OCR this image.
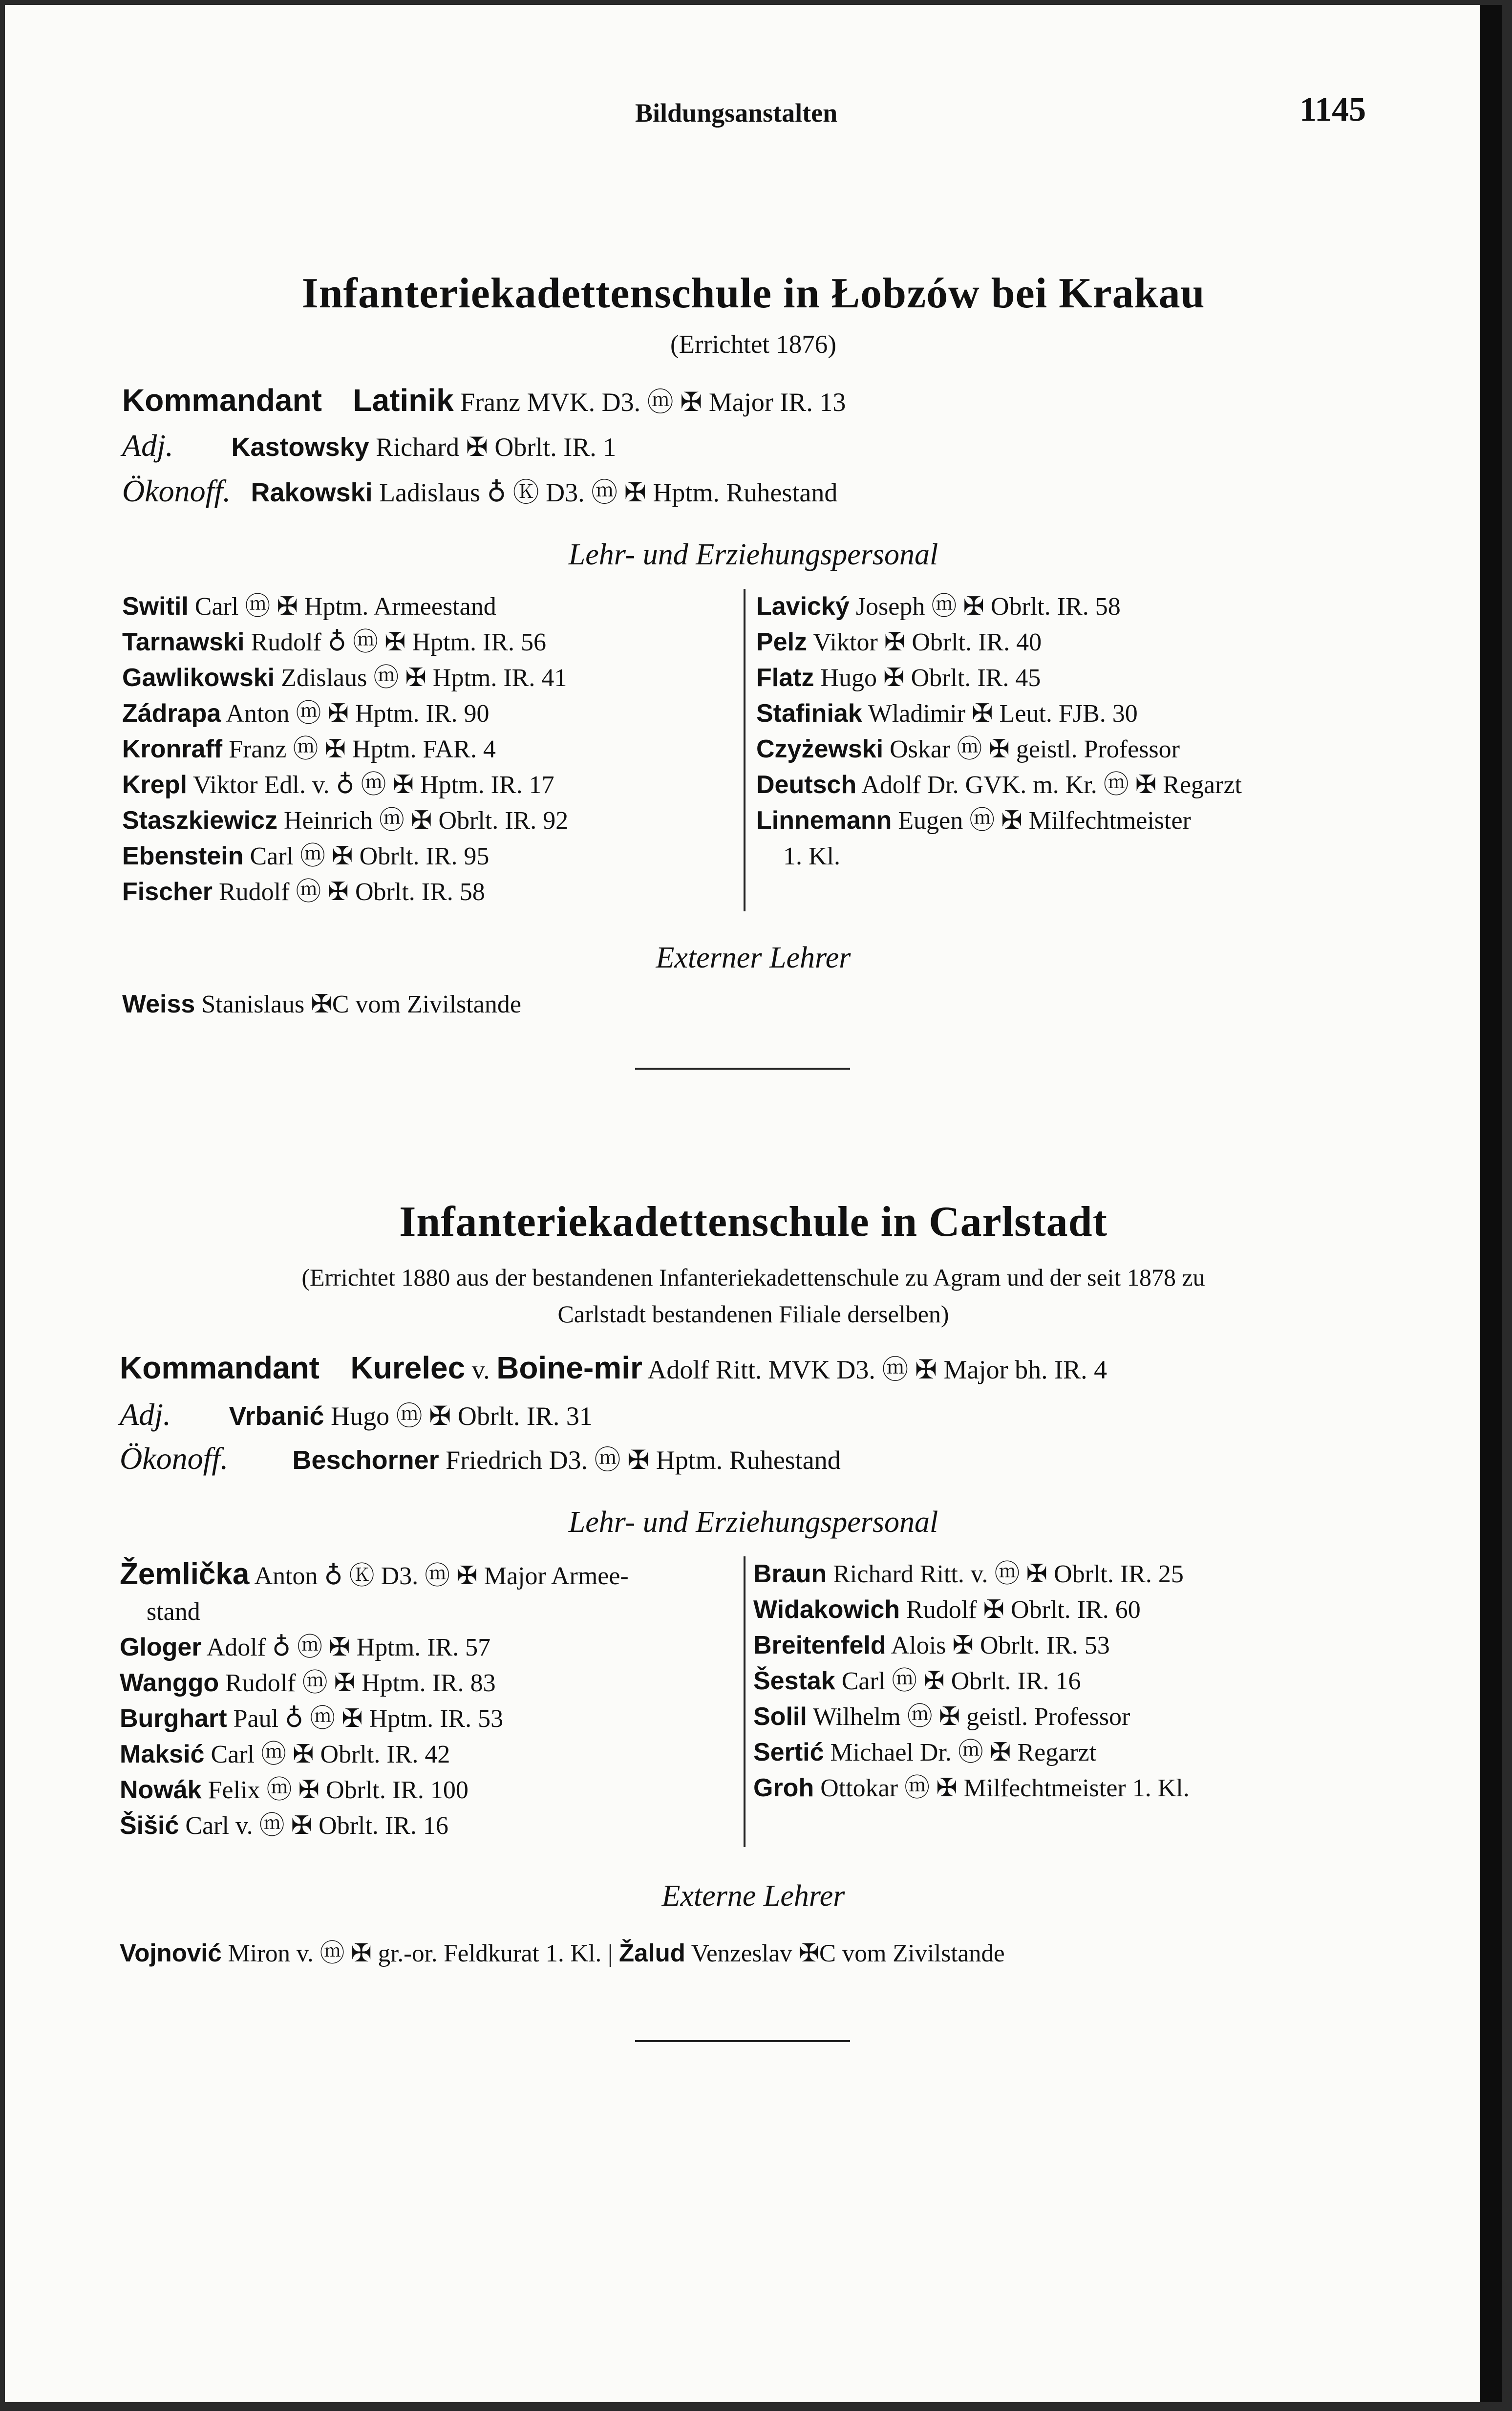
Bildungsanstalten	1145
Infanteriekadettenschule in Łobzów bei Krakau
(Errichtet 1876)
Kommandant Latinik Franz MVK. D3. ⓜ ✠ Major IR. 13
Adj. Kastowsky Richard ✠ Obrlt. IR. 1
Ökonoff. Rakowski Ladislaus ♁ Ⓚ D3. ⓜ ✠ Hptm. Ruhestand
Lehr- und Erziehungspersonal
Switil Carl ⓜ ✠ Hptm. Armeestand
Tarnawski Rudolf ♁ ⓜ ✠ Hptm. IR. 56
Gawlikowski Zdislaus ⓜ ✠ Hptm. IR. 41
Zádrapa Anton ⓜ ✠ Hptm. IR. 90
Kronraff Franz ⓜ ✠ Hptm. FAR. 4
Krepl Viktor Edl. v. ♁ ⓜ ✠ Hptm. IR. 17
Staszkiewicz Heinrich ⓜ ✠ Obrlt. IR. 92
Ebenstein Carl ⓜ ✠ Obrlt. IR. 95
Fischer Rudolf ⓜ ✠ Obrlt. IR. 58
Lavický Joseph ⓜ ✠ Obrlt. IR. 58
Pelz Viktor ✠ Obrlt. IR. 40
Flatz Hugo ✠ Obrlt. IR. 45
Stafiniak Wladimir ✠ Leut. FJB. 30
Czyżewski Oskar ⓜ ✠ geistl. Professor
Deutsch Adolf Dr. GVK. m. Kr. ⓜ ✠ Regarzt
Linnemann Eugen ⓜ ✠ Milfechtmeister
1. Kl.
Externer Lehrer
Weiss Stanislaus ✠C vom Zivilstande
Infanteriekadettenschule in Carlstadt
(Errichtet 1880 aus der bestandenen Infanteriekadettenschule zu Agram und der seit 1878 zu
Carlstadt bestandenen Filiale derselben)
Kommandant Kurelec v. Boine-mir Adolf Ritt. MVK D3. ⓜ ✠ Major bh. IR. 4
Adj. Vrbanić Hugo ⓜ ✠ Obrlt. IR. 31
Ökonoff. Beschorner Friedrich D3. ⓜ ✠ Hptm. Ruhestand
Lehr- und Erziehungspersonal
Žemlička Anton ♁ Ⓚ D3. ⓜ ✠ Major Armee-
stand
Gloger Adolf ♁ ⓜ ✠ Hptm. IR. 57
Wanggo Rudolf ⓜ ✠ Hptm. IR. 83
Burghart Paul ♁ ⓜ ✠ Hptm. IR. 53
Maksić Carl ⓜ ✠ Obrlt. IR. 42
Nowák Felix ⓜ ✠ Obrlt. IR. 100
Šišić Carl v. ⓜ ✠ Obrlt. IR. 16
Braun Richard Ritt. v. ⓜ ✠ Obrlt. IR. 25
Widakowich Rudolf ✠ Obrlt. IR. 60
Breitenfeld Alois ✠ Obrlt. IR. 53
Šestak Carl ⓜ ✠ Obrlt. IR. 16
Solil Wilhelm ⓜ ✠ geistl. Professor
Sertić Michael Dr. ⓜ ✠ Regarzt
Groh Ottokar ⓜ ✠ Milfechtmeister 1. Kl.
Externe Lehrer
Vojnović Miron v. ⓜ ✠ gr.-or. Feldkurat 1. Kl. | Žalud Venzeslav ✠C vom Zivilstande
